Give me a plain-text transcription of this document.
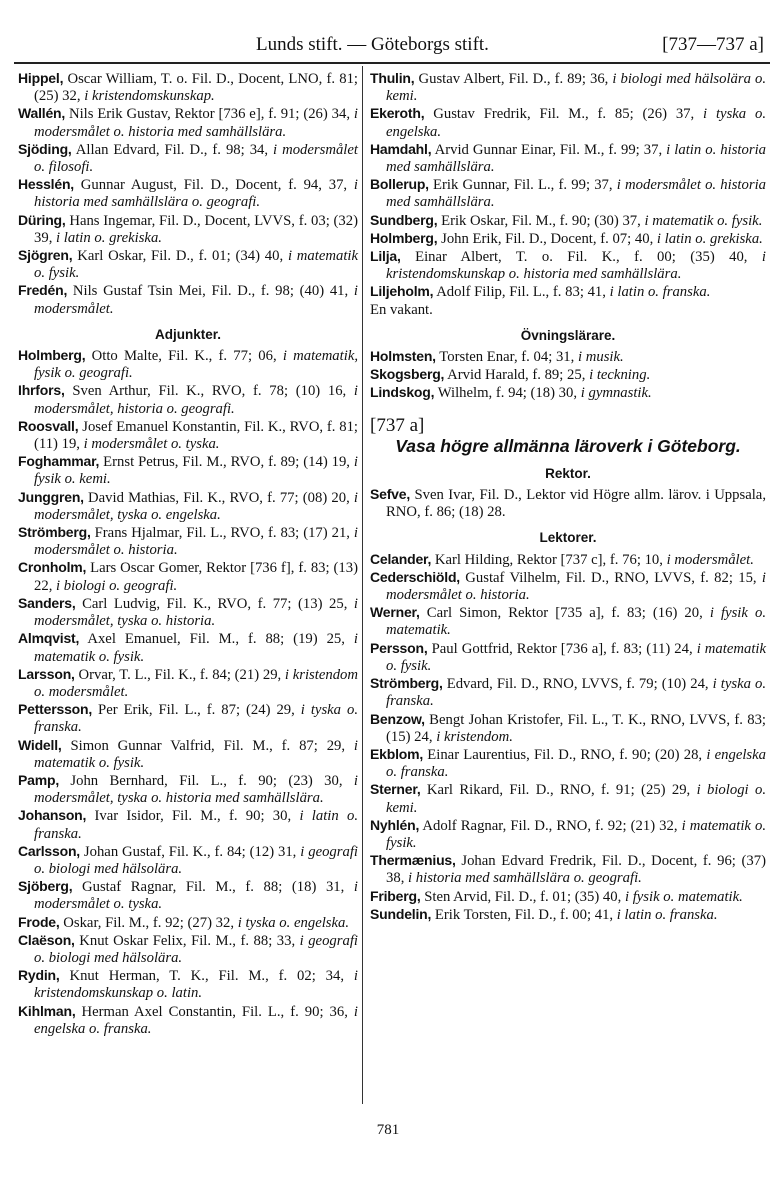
Lunds stift. — Göteborgs stift.	[737—737 a]
Hippel, Oscar William, T. o. Fil. D., Docent, LNO, f. 81; (25) 32, i kristendomskunskap.
Wallén, Nils Erik Gustav, Rektor [736 e], f. 91; (26) 34, i modersmålet o. historia med samhällslära.
Sjöding, Allan Edvard, Fil. D., f. 98; 34, i modersmålet o. filosofi.
Hesslén, Gunnar August, Fil. D., Docent, f. 94, 37, i historia med samhällslära o. geografi.
Düring, Hans Ingemar, Fil. D., Docent, LVVS, f. 03; (32) 39, i latin o. grekiska.
Sjögren, Karl Oskar, Fil. D., f. 01; (34) 40, i matematik o. fysik.
Fredén, Nils Gustaf Tsin Mei, Fil. D., f. 98; (40) 41, i modersmålet.
Adjunkter.
Holmberg, Otto Malte, Fil. K., f. 77; 06, i matematik, fysik o. geografi.
Ihrfors, Sven Arthur, Fil. K., RVO, f. 78; (10) 16, i modersmålet, historia o. geografi.
Roosvall, Josef Emanuel Konstantin, Fil. K., RVO, f. 81; (11) 19, i modersmålet o. tyska.
Foghammar, Ernst Petrus, Fil. M., RVO, f. 89; (14) 19, i fysik o. kemi.
Junggren, David Mathias, Fil. K., RVO, f. 77; (08) 20, i modersmålet, tyska o. engelska.
Strömberg, Frans Hjalmar, Fil. L., RVO, f. 83; (17) 21, i modersmålet o. historia.
Cronholm, Lars Oscar Gomer, Rektor [736 f], f. 83; (13) 22, i biologi o. geografi.
Sanders, Carl Ludvig, Fil. K., RVO, f. 77; (13) 25, i modersmålet, tyska o. historia.
Almqvist, Axel Emanuel, Fil. M., f. 88; (19) 25, i matematik o. fysik.
Larsson, Orvar, T. L., Fil. K., f. 84; (21) 29, i kristendom o. modersmålet.
Pettersson, Per Erik, Fil. L., f. 87; (24) 29, i tyska o. franska.
Widell, Simon Gunnar Valfrid, Fil. M., f. 87; 29, i matematik o. fysik.
Pamp, John Bernhard, Fil. L., f. 90; (23) 30, i modersmålet, tyska o. historia med samhällslära.
Johanson, Ivar Isidor, Fil. M., f. 90; 30, i latin o. franska.
Carlsson, Johan Gustaf, Fil. K., f. 84; (12) 31, i geografi o. biologi med hälsolära.
Sjöberg, Gustaf Ragnar, Fil. M., f. 88; (18) 31, i modersmålet o. tyska.
Frode, Oskar, Fil. M., f. 92; (27) 32, i tyska o. engelska.
Claëson, Knut Oskar Felix, Fil. M., f. 88; 33, i geografi o. biologi med hälsolära.
Rydin, Knut Herman, T. K., Fil. M., f. 02; 34, i kristendomskunskap o. latin.
Kihlman, Herman Axel Constantin, Fil. L., f. 90; 36, i engelska o. franska.
Thulin, Gustav Albert, Fil. D., f. 89; 36, i biologi med hälsolära o. kemi.
Ekeroth, Gustav Fredrik, Fil. M., f. 85; (26) 37, i tyska o. engelska.
Hamdahl, Arvid Gunnar Einar, Fil. M., f. 99; 37, i latin o. historia med samhällslära.
Bollerup, Erik Gunnar, Fil. L., f. 99; 37, i modersmålet o. historia med samhällslära.
Sundberg, Erik Oskar, Fil. M., f. 90; (30) 37, i matematik o. fysik.
Holmberg, John Erik, Fil. D., Docent, f. 07; 40, i latin o. grekiska.
Lilja, Einar Albert, T. o. Fil. K., f. 00; (35) 40, i kristendomskunskap o. historia med samhällslära.
Liljeholm, Adolf Filip, Fil. L., f. 83; 41, i latin o. franska.
En vakant.
Övningslärare.
Holmsten, Torsten Enar, f. 04; 31, i musik.
Skogsberg, Arvid Harald, f. 89; 25, i teckning.
Lindskog, Wilhelm, f. 94; (18) 30, i gymnastik.
[737 a]
Vasa högre allmänna läroverk i Göteborg.
Rektor.
Sefve, Sven Ivar, Fil. D., Lektor vid Högre allm. lärov. i Uppsala, RNO, f. 86; (18) 28.
Lektorer.
Celander, Karl Hilding, Rektor [737 c], f. 76; 10, i modersmålet.
Cederschiöld, Gustaf Vilhelm, Fil. D., RNO, LVVS, f. 82; 15, i modersmålet o. historia.
Werner, Carl Simon, Rektor [735 a], f. 83; (16) 20, i fysik o. matematik.
Persson, Paul Gottfrid, Rektor [736 a], f. 83; (11) 24, i matematik o. fysik.
Strömberg, Edvard, Fil. D., RNO, LVVS, f. 79; (10) 24, i tyska o. franska.
Benzow, Bengt Johan Kristofer, Fil. L., T. K., RNO, LVVS, f. 83; (15) 24, i kristendom.
Ekblom, Einar Laurentius, Fil. D., RNO, f. 90; (20) 28, i engelska o. franska.
Sterner, Karl Rikard, Fil. D., RNO, f. 91; (25) 29, i biologi o. kemi.
Nyhlén, Adolf Ragnar, Fil. D., RNO, f. 92; (21) 32, i matematik o. fysik.
Thermænius, Johan Edvard Fredrik, Fil. D., Docent, f. 96; (37) 38, i historia med samhällslära o. geografi.
Friberg, Sten Arvid, Fil. D., f. 01; (35) 40, i fysik o. matematik.
Sundelin, Erik Torsten, Fil. D., f. 00; 41, i latin o. franska.
781
